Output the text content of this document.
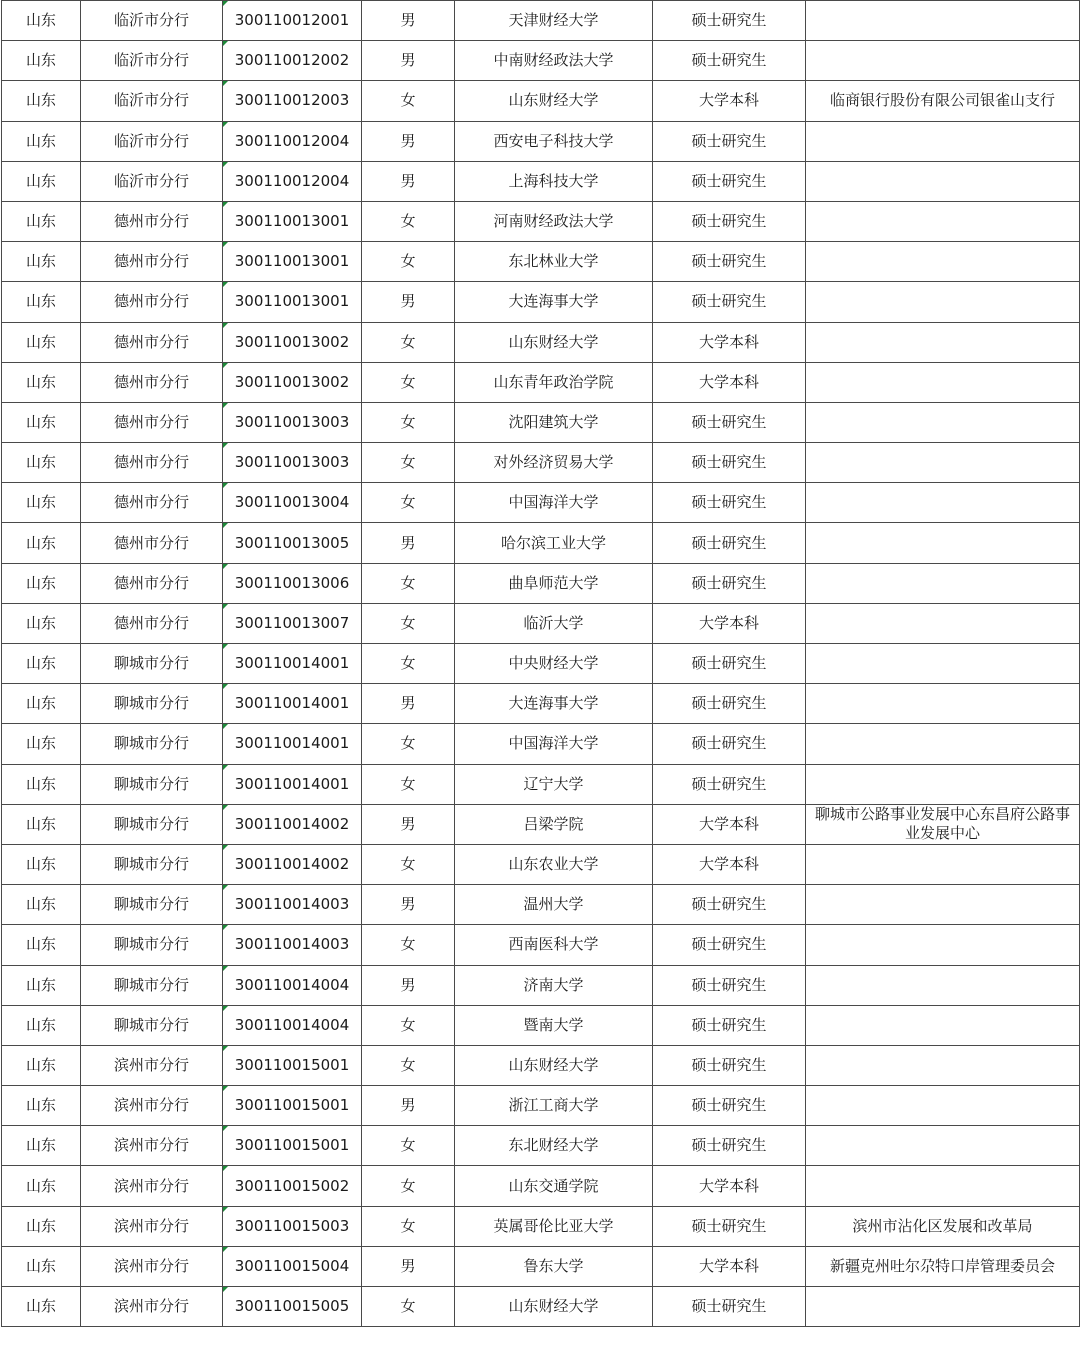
山东	临沂市分行	300110012001	男	天津财经大学	硕士研究生	
山东	临沂市分行	300110012002	男	中南财经政法大学	硕士研究生	
山东	临沂市分行	300110012003	女	山东财经大学	大学本科	临商银行股份有限公司银雀山支行
山东	临沂市分行	300110012004	男	西安电子科技大学	硕士研究生	
山东	临沂市分行	300110012004	男	上海科技大学	硕士研究生	
山东	德州市分行	300110013001	女	河南财经政法大学	硕士研究生	
山东	德州市分行	300110013001	女	东北林业大学	硕士研究生	
山东	德州市分行	300110013001	男	大连海事大学	硕士研究生	
山东	德州市分行	300110013002	女	山东财经大学	大学本科	
山东	德州市分行	300110013002	女	山东青年政治学院	大学本科	
山东	德州市分行	300110013003	女	沈阳建筑大学	硕士研究生	
山东	德州市分行	300110013003	女	对外经济贸易大学	硕士研究生	
山东	德州市分行	300110013004	女	中国海洋大学	硕士研究生	
山东	德州市分行	300110013005	男	哈尔滨工业大学	硕士研究生	
山东	德州市分行	300110013006	女	曲阜师范大学	硕士研究生	
山东	德州市分行	300110013007	女	临沂大学	大学本科	
山东	聊城市分行	300110014001	女	中央财经大学	硕士研究生	
山东	聊城市分行	300110014001	男	大连海事大学	硕士研究生	
山东	聊城市分行	300110014001	女	中国海洋大学	硕士研究生	
山东	聊城市分行	300110014001	女	辽宁大学	硕士研究生	
山东	聊城市分行	300110014002	男	吕梁学院	大学本科	聊城市公路事业发展中心东昌府公路事业发展中心
山东	聊城市分行	300110014002	女	山东农业大学	大学本科	
山东	聊城市分行	300110014003	男	温州大学	硕士研究生	
山东	聊城市分行	300110014003	女	西南医科大学	硕士研究生	
山东	聊城市分行	300110014004	男	济南大学	硕士研究生	
山东	聊城市分行	300110014004	女	暨南大学	硕士研究生	
山东	滨州市分行	300110015001	女	山东财经大学	硕士研究生	
山东	滨州市分行	300110015001	男	浙江工商大学	硕士研究生	
山东	滨州市分行	300110015001	女	东北财经大学	硕士研究生	
山东	滨州市分行	300110015002	女	山东交通学院	大学本科	
山东	滨州市分行	300110015003	女	英属哥伦比亚大学	硕士研究生	滨州市沾化区发展和改革局
山东	滨州市分行	300110015004	男	鲁东大学	大学本科	新疆克州吐尔尕特口岸管理委员会
山东	滨州市分行	300110015005	女	山东财经大学	硕士研究生	
